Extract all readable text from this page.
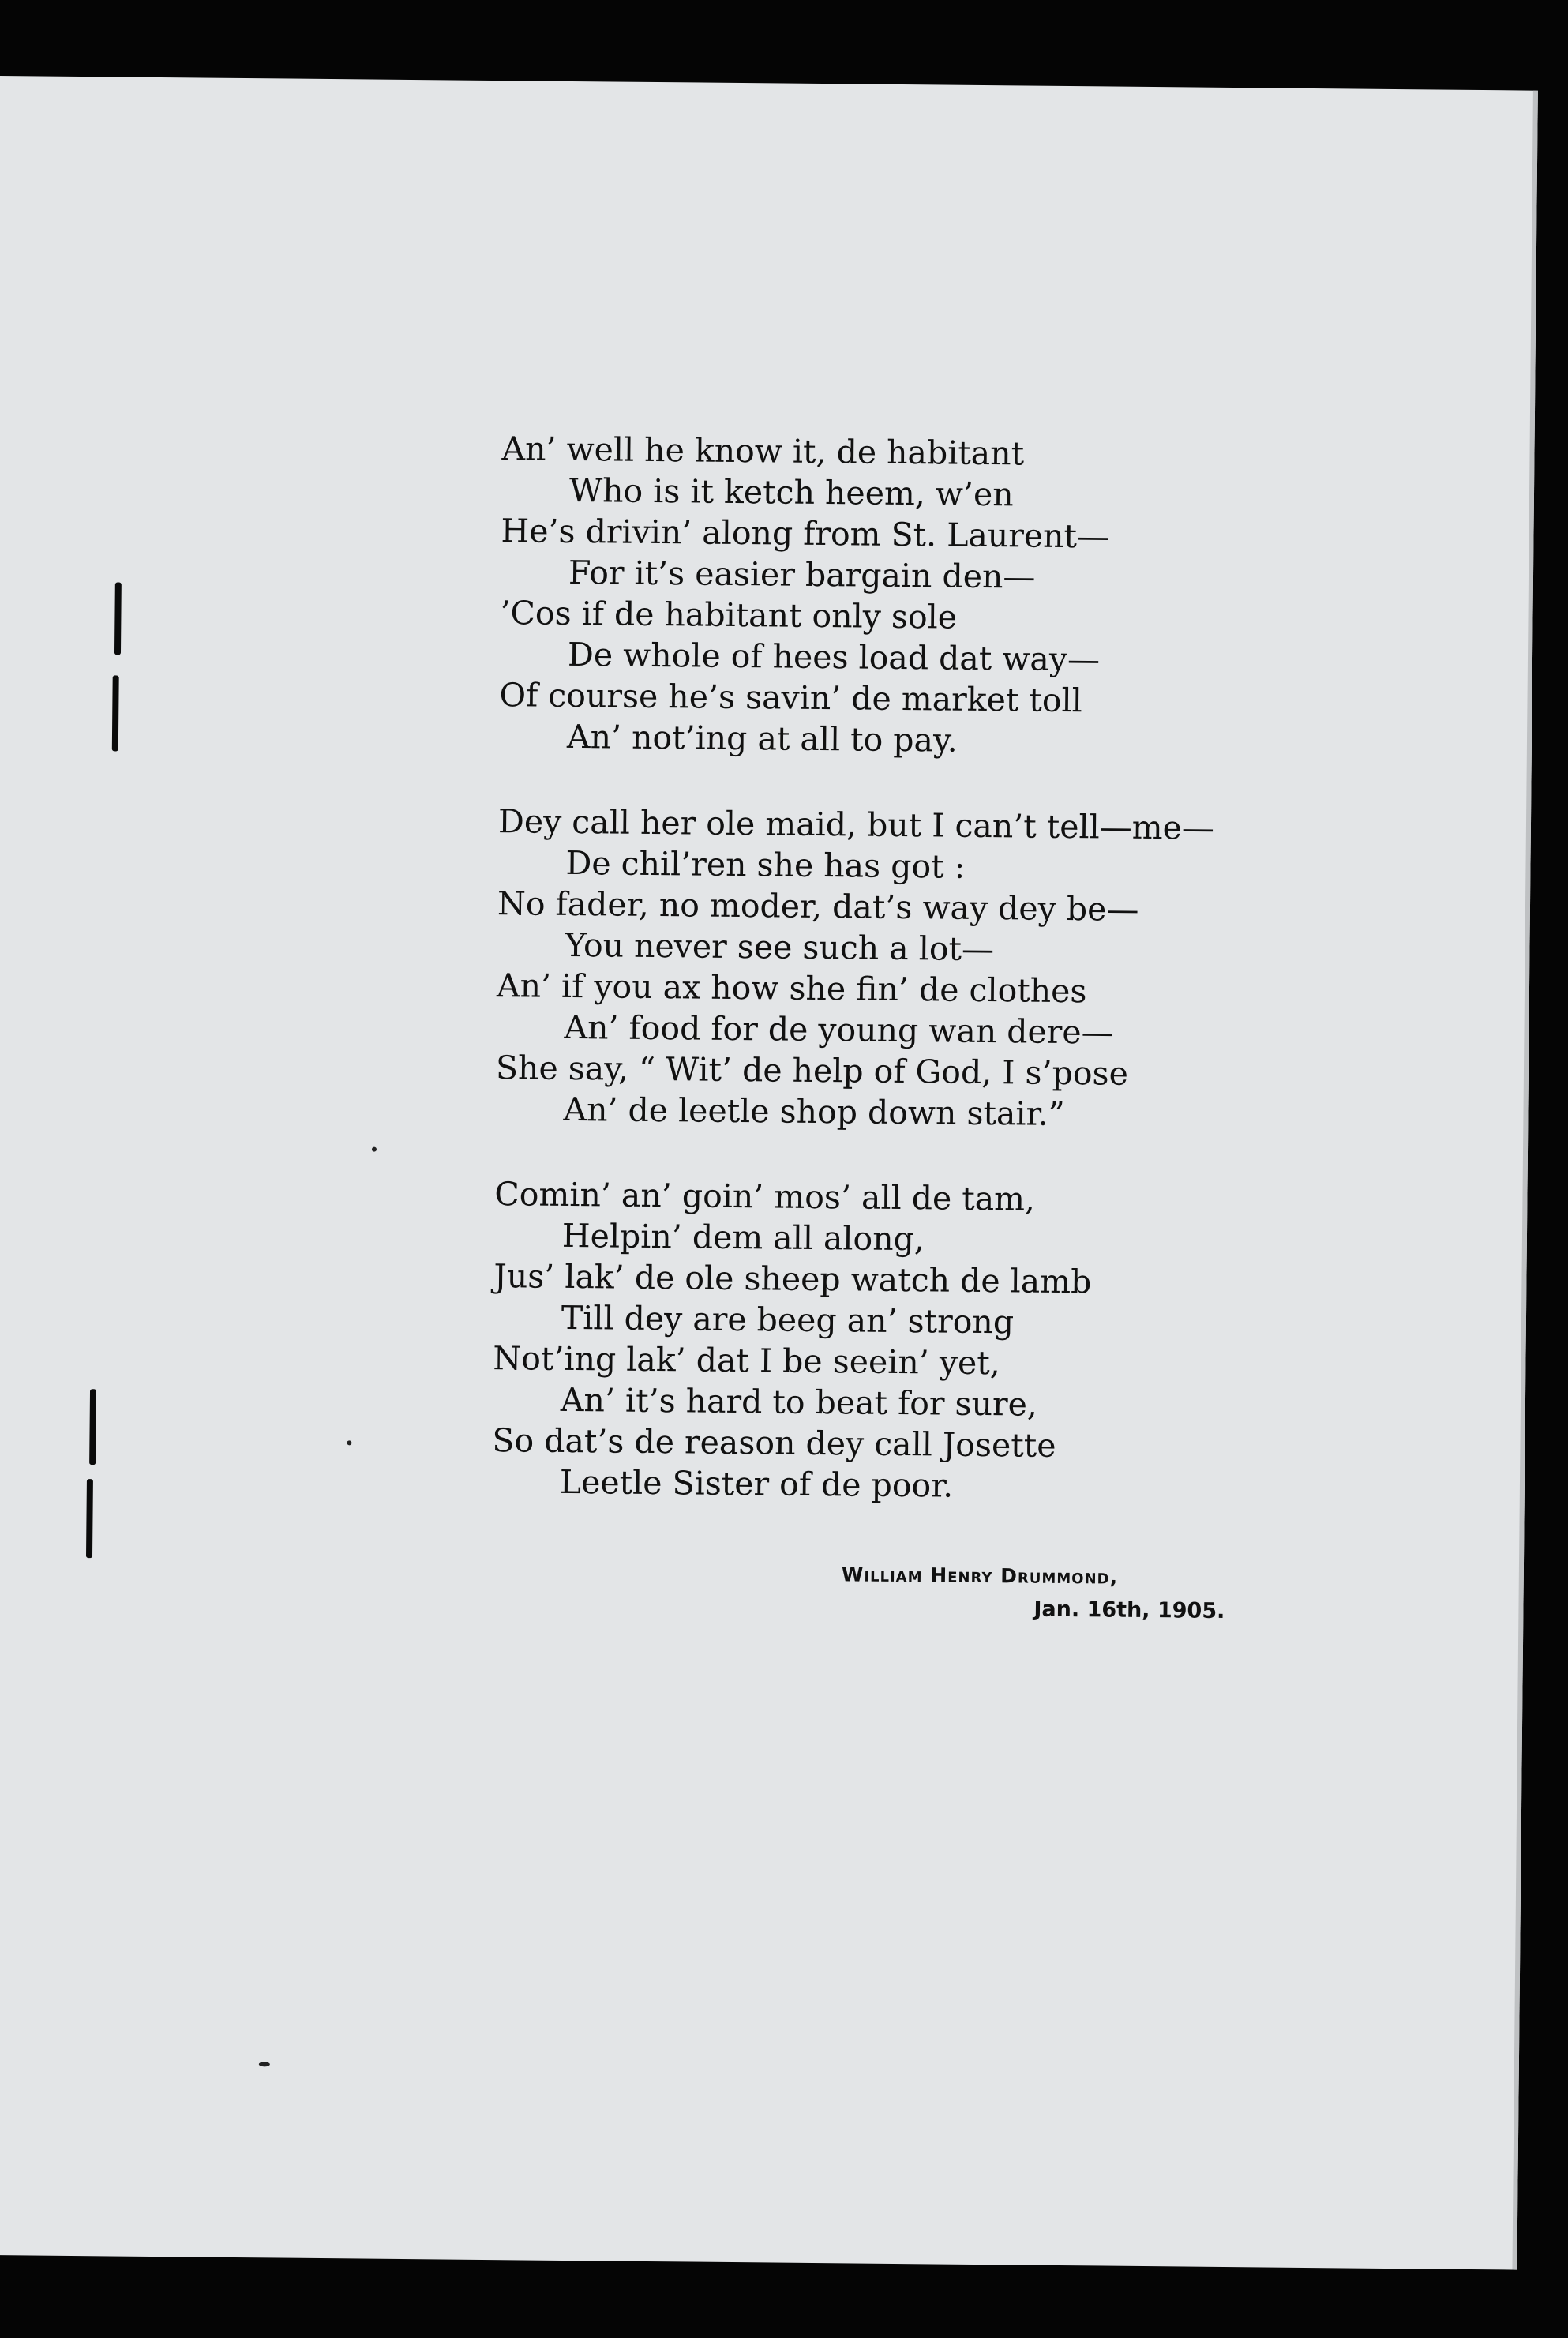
An’ well he know it, de habitant
Who is it ketch heem, w’en
He’s drivin’ along from St. Laurent—
For it’s easier bargain den—
’Cos if de habitant only sole
De whole of hees load dat way—
Of course he’s savin’ de market toll
An’ not’ing at all to pay.
Dey call her ole maid, but I can’t tell—me—
De chil’ren she has got :
No fader, no moder, dat’s way dey be—
You never see such a lot—
An’ if you ax how she fin’ de clothes
An’ food for de young wan dere—
She say, “ Wit’ de help of God, I s’pose
An’ de leetle shop down stair.”
Comin’ an’ goin’ mos’ all de tam,
Helpin’ dem all along,
Jus’ lak’ de ole sheep watch de lamb
Till dey are beeg an’ strong
Not’ing lak’ dat I be seein’ yet,
An’ it’s hard to beat for sure,
So dat’s de reason dey call Josette
Leetle Sister of de poor.
William Henry Drummond,
Jan. 16th, 1905.
